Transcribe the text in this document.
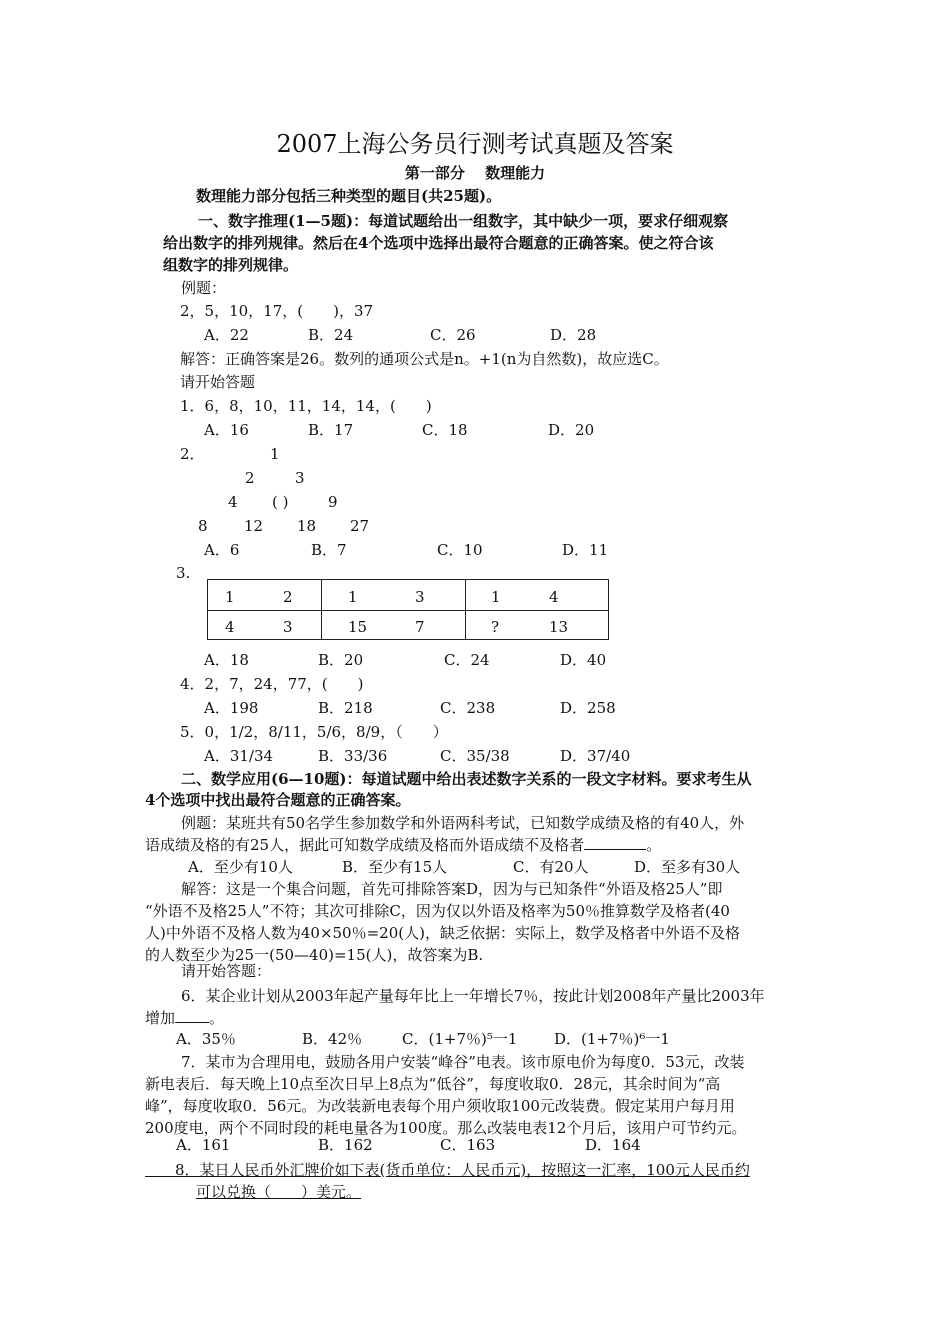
2007上海公务员行测考试真题及答案
第一部分　 数理能力
数理能力部分包括三种类型的题目(共25题)。
一、数字推理(1—5题)：每道试题给出一组数字，其中缺少一项，要求仔细观察
给出数字的排列规律。然后在4个选项中选择出最符合题意的正确答案。使之符合该
组数字的排列规律。
例题：
2，5，10，17，(　　)，37
A．22	B．24	C．26	D．28
解答：正确答案是26。数列的通项公式是n。+1(n为自然数)，故应选C。
请开始答题
1．6，8，10，11，14，14，(　　)
A．16	B．17	C．18	D．20
2．	1
2	3
4 ( )	9
8 12 18 27
A．6	B．7	C．10	D．11
3.
1	2	1	3	1	4
4	3	15	7	?	13
A．18	B．20	C．24	D．40
4．2，7，24，77，(　　)
A．198	B．218	C．238	D．258
5．0，1/2，8/11，5/6，8/9，（　　）
A．31/34	B．33/36	C．35/38	D．37/40
二、数学应用(6—10题)：每道试题中给出表述数字关系的一段文字材料。要求考生从
4个选项中找出最符合题意的正确答案。
例题：某班共有50名学生参加数学和外语两科考试，已知数学成绩及格的有40人，外
语成绩及格的有25人，据此可知数学成绩及格而外语成绩不及格者	。
A．至少有10人	B．至少有15人	C．有20人	D．至多有30人
解答：这是一个集合问题，首先可排除答案D，因为与已知条件“外语及格25人”即
“外语不及格25人”不符；其次可排除C，因为仅以外语及格率为50％推算数学及格者(40
人)中外语不及格人数为40×50％=20(人)，缺乏依据：实际上，数学及格者中外语不及格
的人数至少为25一(50—40)=15(人)，故答案为B.
请开始答题：
6．某企业计划从2003年起产量每年比上一年增长7％，按此计划2008年产量比2003年
增加 。
A．35％	B．42％	C．(1+7％)⁵一1 D．(1+7％)⁶一1
7．某市为合理用电，鼓励各用户安装“峰谷”电表。该市原电价为每度0．53元，改装
新电表后．每天晚上10点至次日早上8点为“低谷”，每度收取0．28元，其余时间为“高
峰”，每度收取0．56元。为改装新电表每个用户须收取100元改装费。假定某用户每月用
200度电，两个不同时段的耗电量各为100度。那么改装电表12个月后，该用户可节约元。
A．161	B．162	C．163	D．164
　　8．某日人民币外汇牌价如下表(货币单位：人民币元)，按照这一汇率，100元人民币约
可以兑换（　　）美元。
